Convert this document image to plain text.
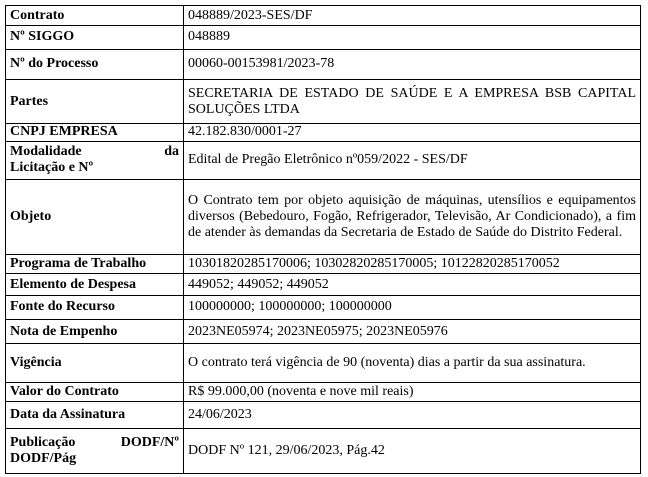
Contrato	048889/2023-SES/DF
Nº SIGGO	048889
Nº do Processo	00060-00153981/2023-78
Partes	SECRETARIA DE ESTADO DE SAÚDE E A EMPRESA BSB CAPITAL SOLUÇÕES LTDA
CNPJ EMPRESA	42.182.830/0001-27

Modalidade da
Licitação e Nº	Edital de Pregão Eletrônico nº059/2022 - SES/DF
Objeto	O Contrato tem por objeto aquisição de máquinas, utensílios e equipamentos diversos (Bebedouro, Fogão, Refrigerador, Televisão, Ar Condicionado), a fim de atender às demandas da Secretaria de Estado de Saúde do Distrito Federal.
Programa de Trabalho	10301820285170006; 10302820285170005; 10122820285170052
Elemento de Despesa	449052; 449052; 449052
Fonte do Recurso	100000000; 100000000; 100000000
Nota de Empenho	2023NE05974; 2023NE05975; 2023NE05976
Vigência	O contrato terá vigência de 90 (noventa) dias a partir da sua assinatura.
Valor do Contrato	R$ 99.000,00 (noventa e nove mil reais)
Data da Assinatura	24/06/2023

Publicação DODF/Nº
DODF/Pág	DODF Nº 121, 29/06/2023, Pág.42
